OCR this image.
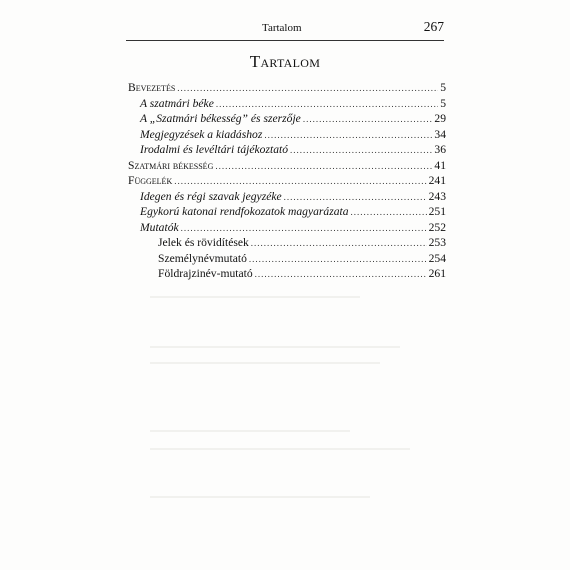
Tartalom	267
Tartalom
Bevezetés .....	5
A szatmári béke .....	5
A „Szatmári békesség” és szerzője .....	29
Megjegyzések a kiadáshoz .....	34
Irodalmi és levéltári tájékoztató .....	36
Szatmári békesség .....	41
Függelék .....	241
Idegen és régi szavak jegyzéke .....	243
Egykorú katonai rendfokozatok magyarázata .....	251
Mutatók .....	252
Jelek és rövidítések .....	253
Személynévmutató .....	254
Földrajzinév-mutató .....	261
